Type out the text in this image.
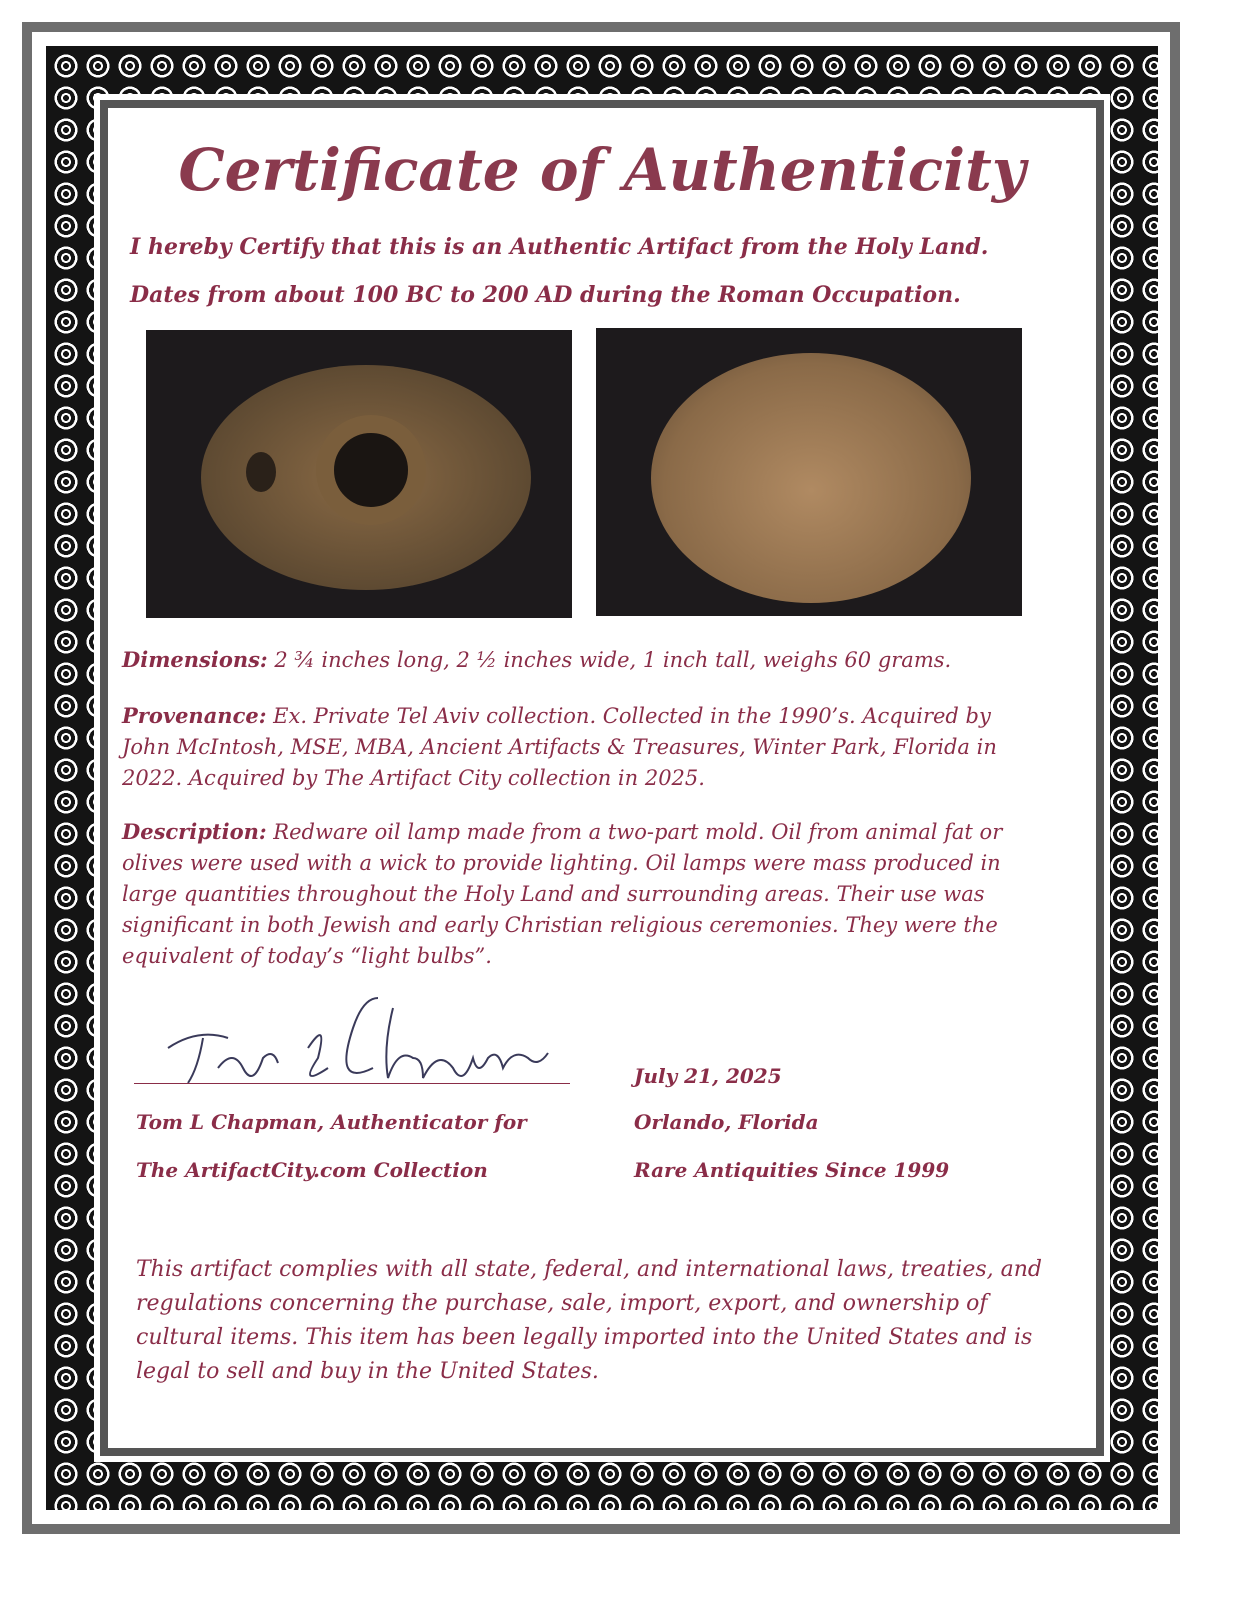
Certificate of Authenticity
I hereby Certify that this is an Authentic Artifact from the Holy Land.
Dates from about 100 BC to 200 AD during the Roman Occupation.
Dimensions: 2 ¾ inches long, 2 ½ inches wide, 1 inch tall, weighs 60 grams.
Provenance: Ex. Private Tel Aviv collection. Collected in the 1990’s. Acquired by John McIntosh, MSE, MBA, Ancient Artifacts & Treasures, Winter Park, Florida in 2022. Acquired by The Artifact City collection in 2025.
Description: Redware oil lamp made from a two-part mold. Oil from animal fat or olives were used with a wick to provide lighting. Oil lamps were mass produced in large quantities throughout the Holy Land and surrounding areas. Their use was significant in both Jewish and early Christian religious ceremonies. They were the equivalent of today’s “light bulbs”.
Tom L Chapman, Authenticator for
The ArtifactCity.com Collection
July 21, 2025
Orlando, Florida
Rare Antiquities Since 1999
This artifact complies with all state, federal, and international laws, treaties, and regulations concerning the purchase, sale, import, export, and ownership of cultural items. This item has been legally imported into the United States and is legal to sell and buy in the United States.
